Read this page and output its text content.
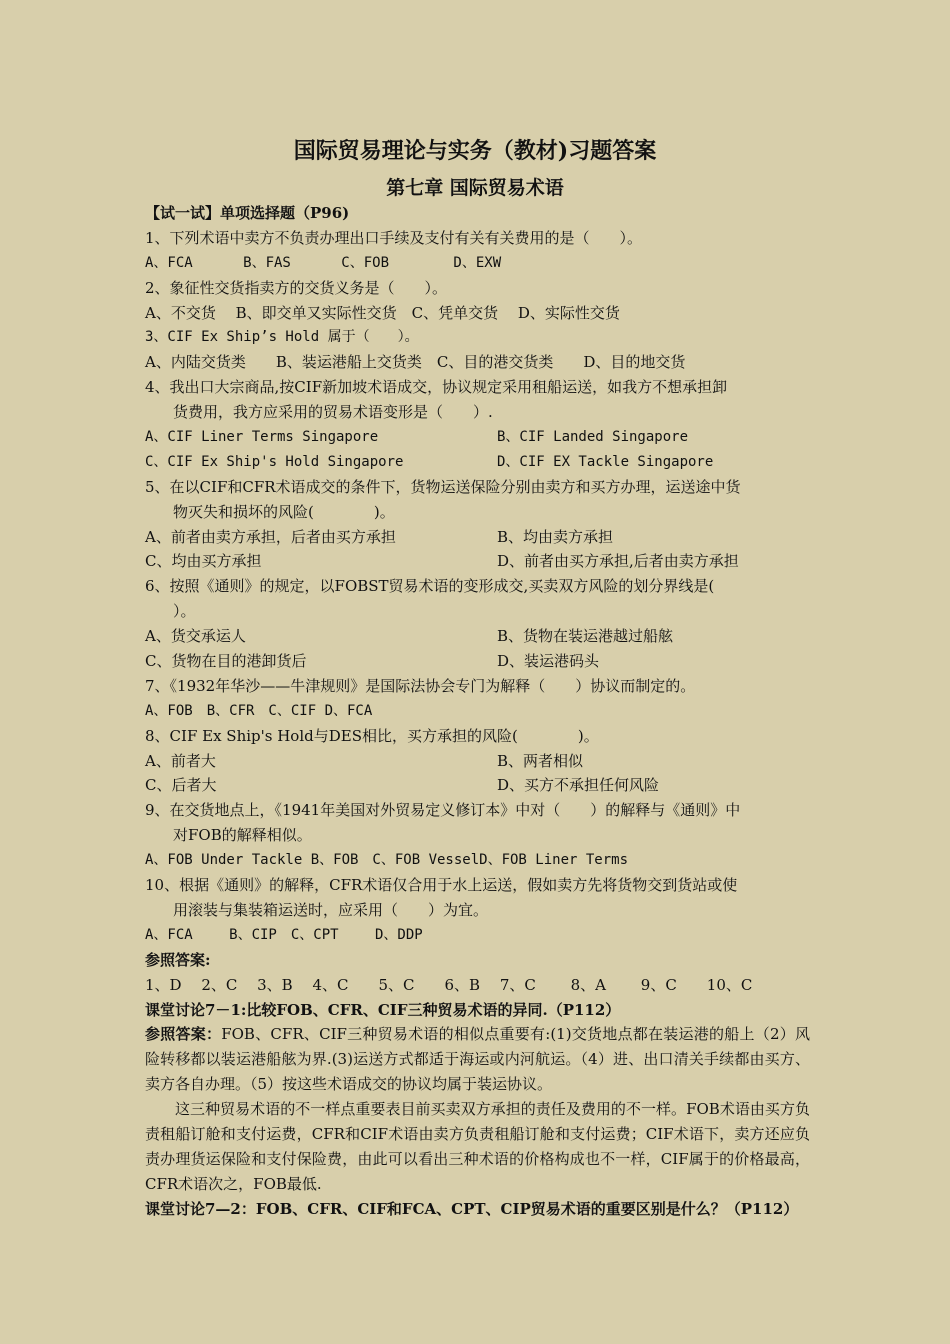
国际贸易理论与实务（教材)习题答案
第七章 国际贸易术语
【试一试】单项选择题（P96)
1、下列术语中卖方不负责办理出口手续及支付有关有关费用的是（　　）。
A、FCA　　　 B、FAS　　　 C、FOB　　　　 D、EXW
2、象征性交货指卖方的交货义务是（　　）。
A、不交货　 B、即交单又实际性交货　C、凭单交货　 D、实际性交货
3、CIF Ex Ship’s Hold 属于（　　）。
A、内陆交货类　　B、装运港船上交货类　C、目的港交货类　　D、目的地交货
4、我出口大宗商品,按CIF新加坡术语成交，协议规定采用租船运送，如我方不想承担卸
货费用，我方应采用的贸易术语变形是（　　）.
A、CIF Liner Terms Singapore	B、CIF Landed Singapore
C、CIF Ex Ship's Hold Singapore	D、CIF EX Tackle Singapore
5、在以CIF和CFR术语成交的条件下，货物运送保险分别由卖方和买方办理，运送途中货
物灭失和损坏的风险(　　　　)。
A、前者由卖方承担，后者由买方承担	B、均由卖方承担
C、均由买方承担	D、前者由买方承担,后者由卖方承担
6、按照《通则》的规定，以FOBST贸易术语的变形成交,买卖双方风险的划分界线是(
）。
A、货交承运人	B、货物在装运港越过船舷
C、货物在目的港卸货后	D、装运港码头
7、《1932年华沙——牛津规则》是国际法协会专门为解释（　　）协议而制定的。
A、FOB　B、CFR　C、CIF D、FCA
8、CIF Ex Ship's Hold与DES相比，买方承担的风险(　　　　)。
A、前者大	B、两者相似
C、后者大	D、买方不承担任何风险
9、在交货地点上，《1941年美国对外贸易定义修订本》中对（　　）的解释与《通则》中
对FOB的解释相似。
A、FOB Under Tackle B、FOB　C、FOB VesselD、FOB Liner Terms
10、根据《通则》的解释，CFR术语仅合用于水上运送，假如卖方先将货物交到货站或使
用滚装与集装箱运送时，应采用（　　）为宜。
A、FCA　　 B、CIP　C、CPT　　 D、DDP
参照答案:
1、D　 2、C　 3、B　 4、C　　5、C　　6、B　 7、C　　 8、A　　 9、C　　10、C
课堂讨论7－1:比较FOB、CFR、CIF三种贸易术语的异同.（P112）
参照答案：FOB、CFR、CIF三种贸易术语的相似点重要有:(1)交货地点都在装运港的船上（2）风险转移都以装运港船舷为界.(3)运送方式都适于海运或内河航运。（4）进、出口清关手续都由买方、卖方各自办理。（5）按这些术语成交的协议均属于装运协议。
这三种贸易术语的不一样点重要表目前买卖双方承担的责任及费用的不一样。FOB术语由买方负责租船订舱和支付运费，CFR和CIF术语由卖方负责租船订舱和支付运费；CIF术语下，卖方还应负责办理货运保险和支付保险费，由此可以看出三种术语的价格构成也不一样，CIF属于的价格最高，CFR术语次之，FOB最低.
课堂讨论7—2：FOB、CFR、CIF和FCA、CPT、CIP贸易术语的重要区别是什么？（P112）
